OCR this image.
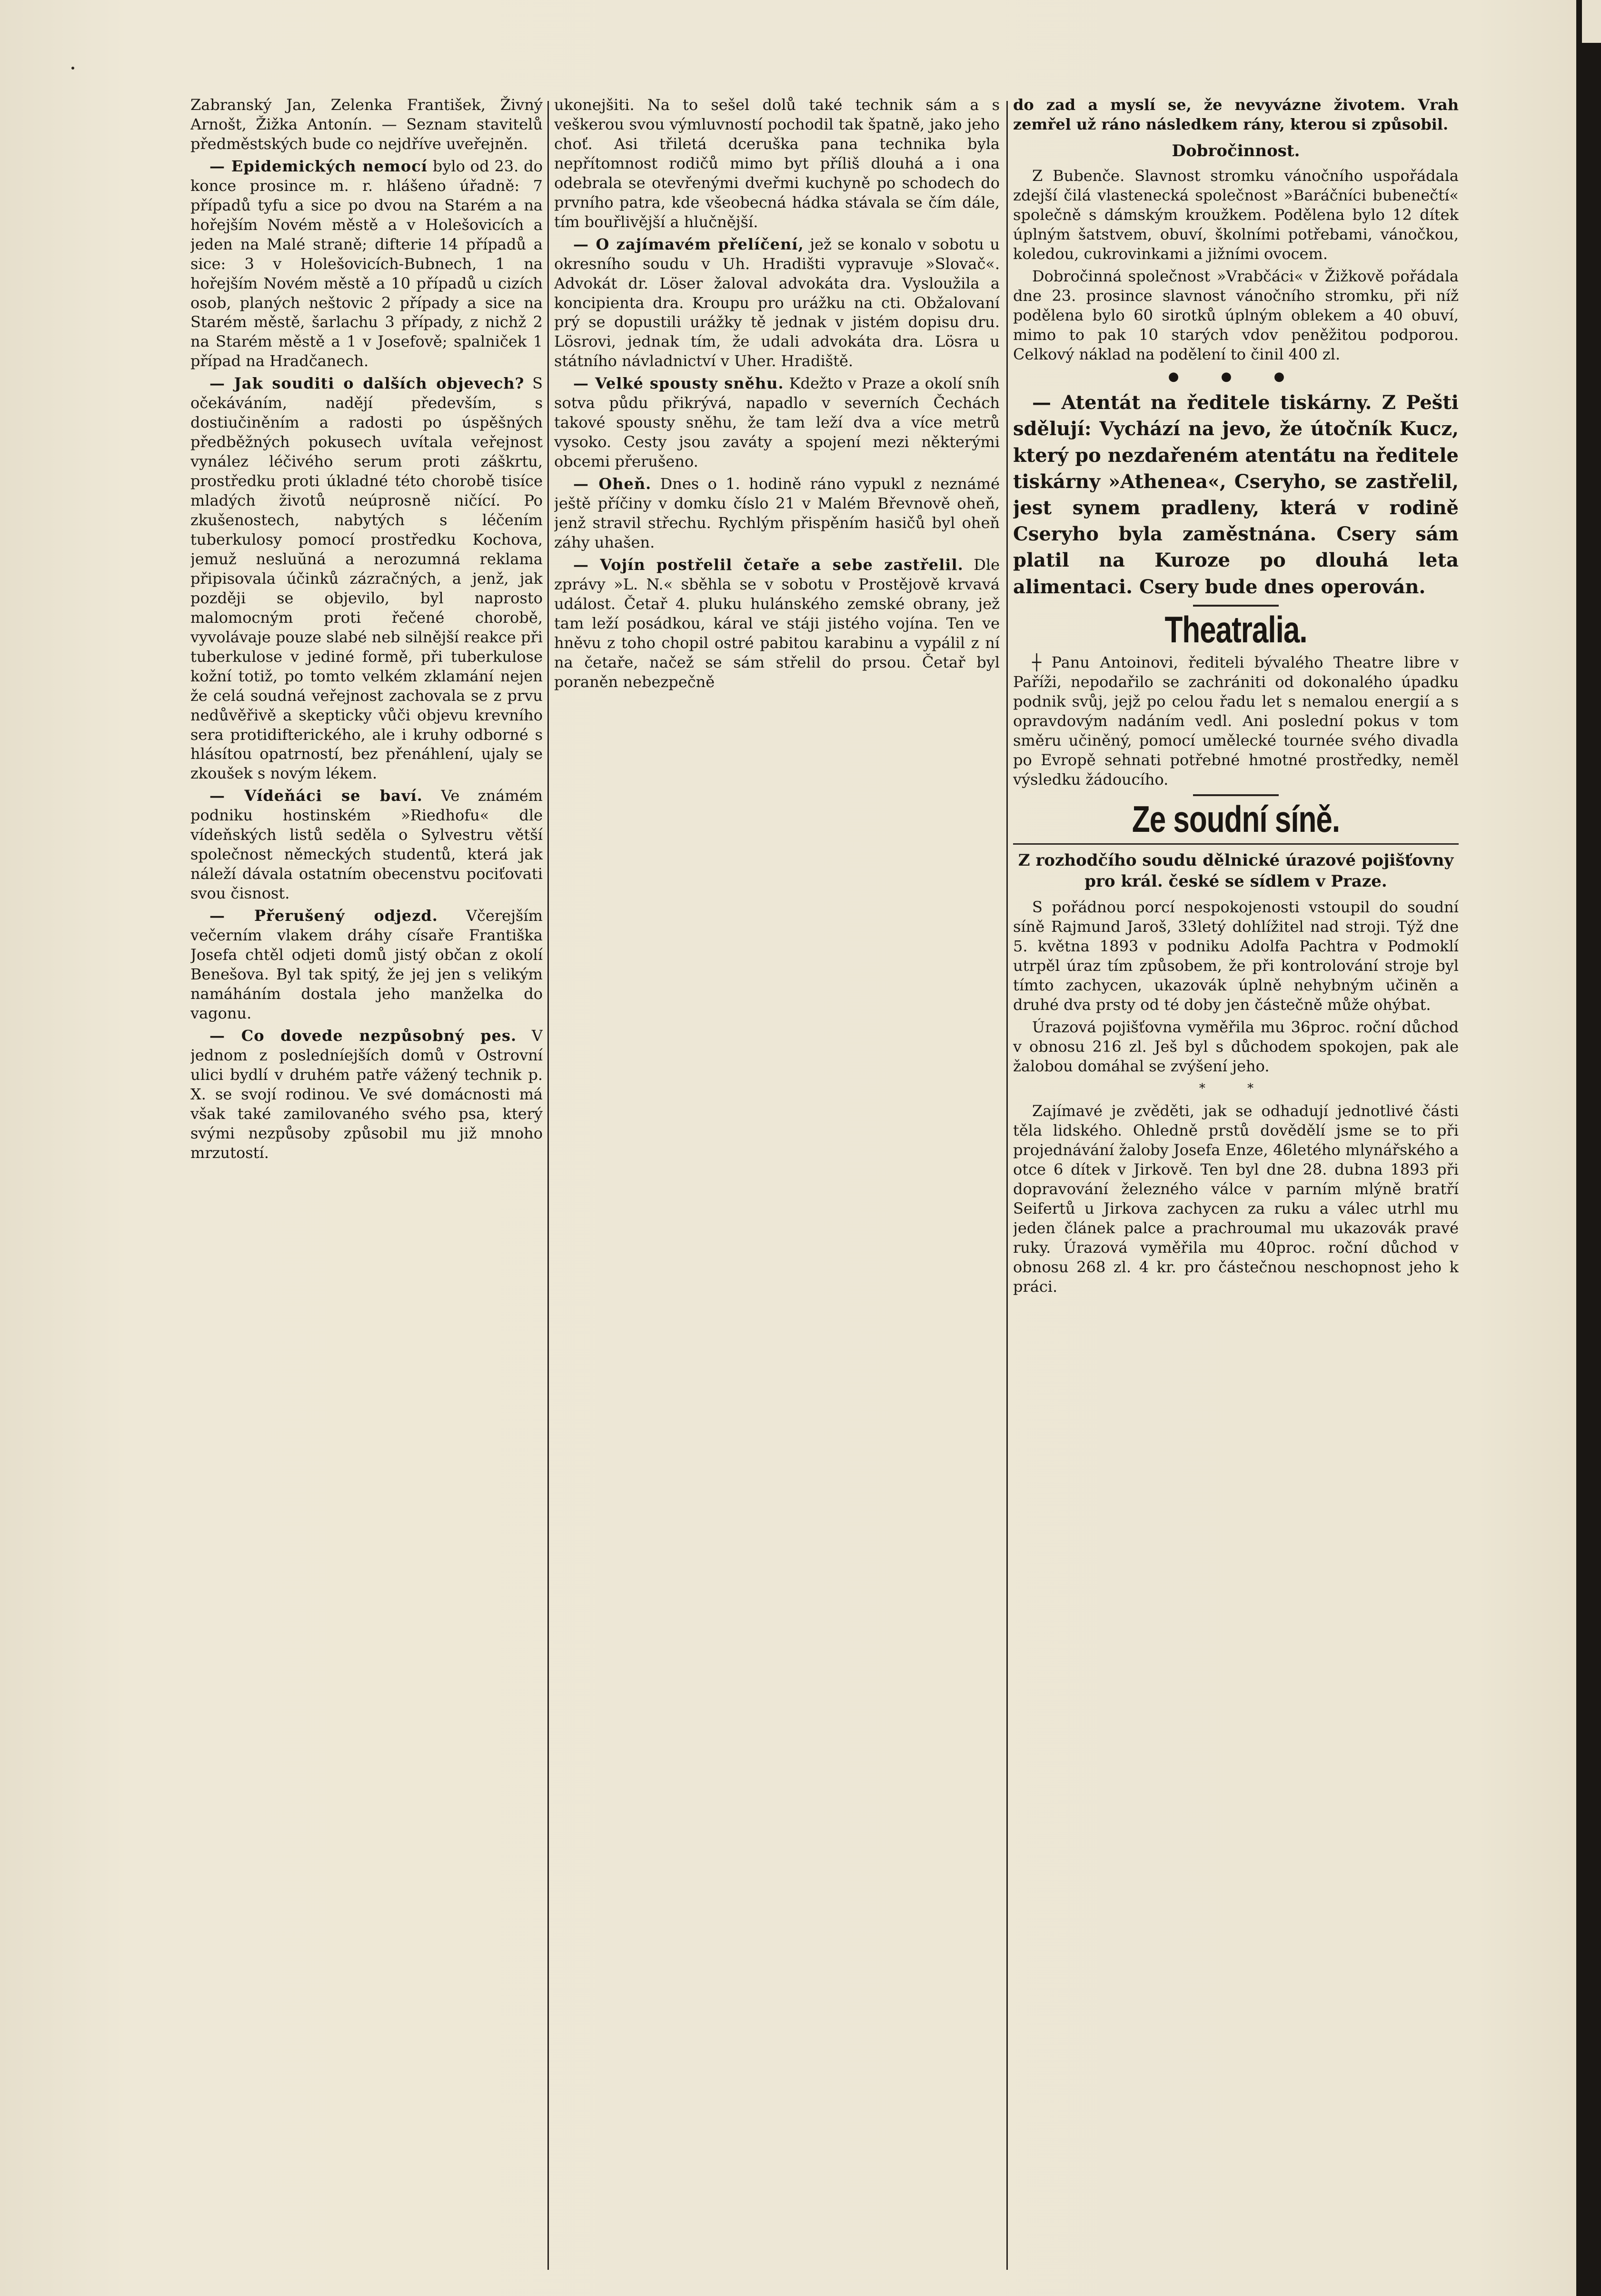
Zabranský Jan, Zelenka František, Živný Arnošt, Žižka Antonín. — Seznam stavitelů předměstských bude co nejdříve uveřejněn.

— Epidemických nemocí bylo od 23. do konce prosince m. r. hlášeno úřadně: 7 případů tyfu a sice po dvou na Starém a na hořejším Novém městě a v Holešovicích a jeden na Malé straně; difterie 14 případů a sice: 3 v Holešovicích-Bubnech, 1 na hořejším Novém městě a 10 případů u cizích osob, planých neštovic 2 případy a sice na Starém městě, šarlachu 3 případy, z nichž 2 na Starém městě a 1 v Josefově; spalniček 1 případ na Hradčanech.

— Jak souditi o dalších objevech? S očekáváním, nadějí především, s dostiučiněním a radosti po úspěšných předběžných pokusech uvítala veřejnost vynález léčivého serum proti záškrtu, prostředku proti úkladné této chorobě tisíce mladých životů neúprosně ničící. Po zkušenostech, nabytých s léčením tuberkulosy pomocí prostředku Kochova, jemuž nesluŭná a nerozumná reklama připisovala účinků zázračných, a jenž, jak později se objevilo, byl naprosto malomocným proti řečené chorobě, vyvolávaje pouze slabé neb silnější reakce při tuberkulose v jediné formě, při tuberkulose kožní totiž, po tomto velkém zklamání nejen že celá soudná veřejnost zachovala se z prvu nedůvěřivě a skepticky vůči objevu krevního sera protidifterického, ale i kruhy odborné s hlásítou opatrností, bez přenáhlení, ujaly se zkoušek s novým lékem.

— Vídeňáci se baví. Ve známém podniku hostinském »Riedhofu« dle vídeňských listů seděla o Sylvestru větší společnost německých studentů, která jak náleží dávala ostatním obecenstvu pociťovati svou čisnost.

— Přerušený odjezd. Včerejším večerním vlakem dráhy císaře Františka Josefa chtěl odjeti domů jistý občan z okolí Benešova. Byl tak spitý, že jej jen s velikým namáháním dostala jeho manželka do vagonu.

— Co dovede nezpůsobný pes. V jednom z posledníejších domů v Ostrovní ulici bydlí v druhém patře vážený technik p. X. se svojí rodinou. Ve své domácnosti má však také zamilovaného svého psa, který svými nezpůsoby způsobil mu již mnoho mrzutostí.

ukonejšiti. Na to sešel dolů také technik sám a s veškerou svou výmluvností pochodil tak špatně, jako jeho choť. Asi třiletá dceruška pana technika byla nepřítomnost rodičů mimo byt příliš dlouhá a i ona odebrala se otevřenými dveřmi kuchyně po schodech do prvního patra, kde všeobecná hádka stávala se čím dále, tím bouřlivější a hlučnější.

— O zajímavém přelíčení, jež se konalo v sobotu u okresního soudu v Uh. Hradišti vypravuje »Slovač«. Advokát dr. Löser žaloval advokáta dra. Vysloužila a koncipienta dra. Kroupu pro urážku na cti. Obžalovaní prý se dopustili urážky tě jednak v jistém dopisu dru. Lösrovi, jednak tím, že udali advokáta dra. Lösra u státního návladnictví v Uher. Hradiště.

— Velké spousty sněhu. Kdežto v Praze a okolí sníh sotva půdu přikrývá, napadlo v severních Čechách takové spousty sněhu, že tam leží dva a více metrů vysoko. Cesty jsou zaváty a spojení mezi některými obcemi přerušeno.

— Oheň. Dnes o 1. hodině ráno vypukl z neznámé ještě příčiny v domku číslo 21 v Malém Břevnově oheň, jenž stravil střechu. Rychlým přispěním hasičů byl oheň záhy uhašen.

— Vojín postřelil četaře a sebe zastřelil. Dle zprávy »L. N.« sběhla se v sobotu v Prostějově krvavá událost. Četař 4. pluku hulánského zemské obrany, jež tam leží posádkou, káral ve stáji jistého vojína. Ten ve hněvu z toho chopil ostré pabitou karabinu a vypálil z ní na četaře, načež se sám střelil do prsou. Četař byl poraněn nebezpečně

do zad a myslí se, že nevyvázne životem. Vrah zemřel už ráno následkem rány, kterou si způsobil.

Dobročinnost.

Z Bubenče. Slavnost stromku vánočního uspořádala zdejší čilá vlastenecká společnost »Baráčníci bubenečtí« společně s dámským kroužkem. Podělena bylo 12 dítek úplným šatstvem, obuví, školními potřebami, vánočkou, koledou, cukrovinkami a jižními ovocem.

Dobročinná společnost »Vrabčáci« v Žižkově pořádala dne 23. prosince slavnost vánočního stromku, při níž podělena bylo 60 sirotků úplným oblekem a 40 obuví, mimo to pak 10 starých vdov peněžitou podporou. Celkový náklad na podělení to činil 400 zl.

● ● ●

— Atentát na ředitele tiskárny. Z Pešti sdělují: Vychází na jevo, že útočník Kucz, který po nezdařeném atentátu na ředitele tiskárny »Athenea«, Cseryho, se zastřelil, jest synem pradleny, která v rodině Cseryho byla zaměstnána. Csery sám platil na Kuroze po dlouhá leta alimentaci. Csery bude dnes operován.

Theatralia.

┼ Panu Antoinovi, řediteli bývalého Theatre libre v Paříži, nepodařilo se zachrániti od dokonalého úpadku podnik svůj, jejž po celou řadu let s nemalou energií a s opravdovým nadáním vedl. Ani poslední pokus v tom směru učiněný, pomocí umělecké tournée svého divadla po Evropě sehnati potřebné hmotné prostředky, neměl výsledku žádoucího.

Ze soudní síně.
Z rozhodčího soudu dělnické úrazové pojišťovny pro král. české se sídlem v Praze.

S pořádnou porcí nespokojenosti vstoupil do soudní síně Rajmund Jaroš, 33letý dohlížitel nad stroji. Týž dne 5. května 1893 v podniku Adolfa Pachtra v Podmoklí utrpěl úraz tím způsobem, že při kontrolování stroje byl tímto zachycen, ukazovák úplně nehybným učiněn a druhé dva prsty od té doby jen částečně může ohýbat.

Úrazová pojišťovna vyměřila mu 36proc. roční důchod v obnosu 216 zl. Ješ byl s důchodem spokojen, pak ale žalobou domáhal se zvýšení jeho.

* *

Zajímavé je zvěděti, jak se odhadují jednotlivé části těla lidského. Ohledně prstů dovědělí jsme se to při projednávání žaloby Josefa Enze, 46letého mlynářského a otce 6 dítek v Jirkově. Ten byl dne 28. dubna 1893 při dopravování železného válce v parním mlýně bratří Seifertů u Jirkova zachycen za ruku a válec utrhl mu jeden článek palce a prachroumal mu ukazovák pravé ruky. Úrazová vyměřila mu 40proc. roční důchod v obnosu 268 zl. 4 kr. pro částečnou neschopnost jeho k práci.
